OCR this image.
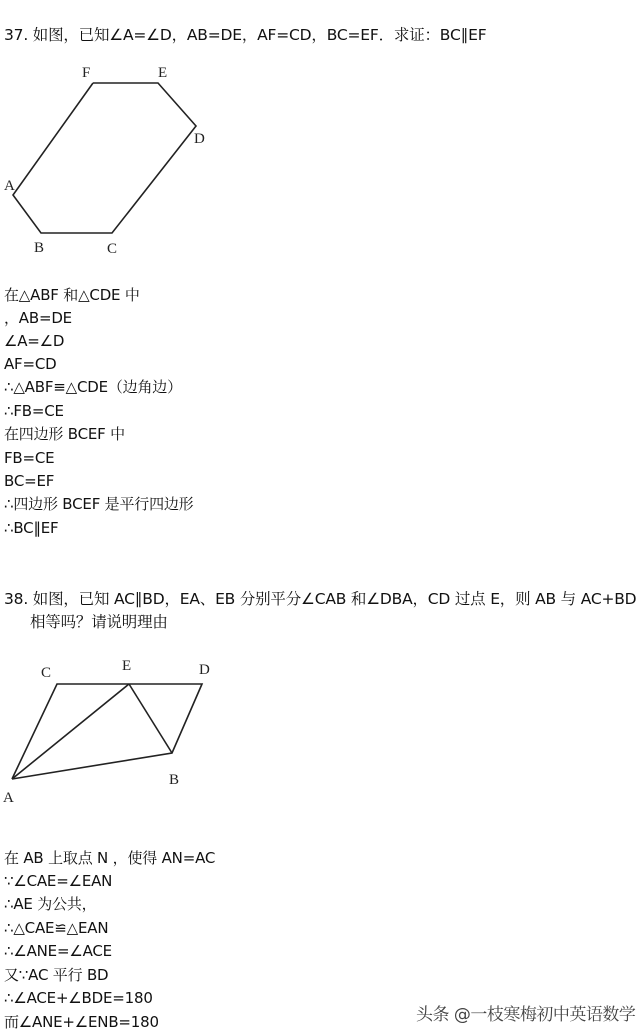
37. 如图，已知∠A=∠D，AB=DE，AF=CD，BC=EF．求证：BC∥EF
F	E
D
A
B	C
在△ABF 和△CDE 中
，AB=DE
∠A=∠D
AF=CD
∴△ABF≡△CDE（边角边）
∴FB=CE
在四边形 BCEF 中
FB=CE
BC=EF
∴四边形 BCEF 是平行四边形
∴BC‖EF
38. 如图，已知 AC∥BD，EA、EB 分别平分∠CAB 和∠DBA，CD 过点 E，则 AB 与 AC+BD
相等吗？请说明理由
C	E	D
A
B
在 AB 上取点 N ，使得 AN=AC
∵∠CAE=∠EAN
∴AE 为公共，
∴△CAE≌△EAN
∴∠ANE=∠ACE
又∵AC 平行 BD
∴∠ACE+∠BDE=180
而∠ANE+∠ENB=180	头条 @一枝寒梅初中英语数学
